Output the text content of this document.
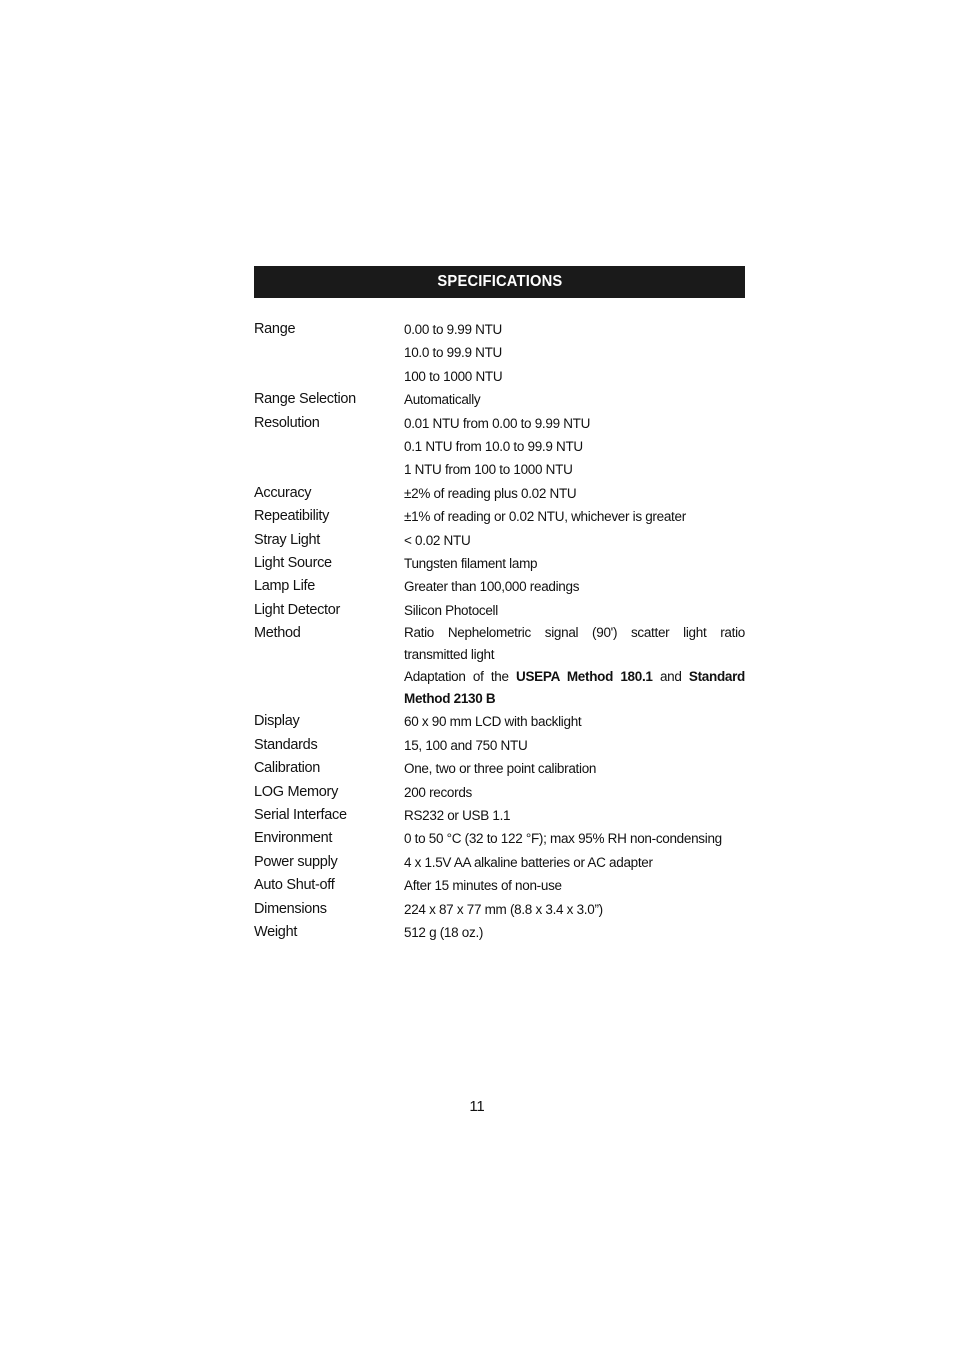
SPECIFICATIONS
Range	0.00 to 9.99 NTU
10.0 to 99.9 NTU
100 to 1000 NTU
Range Selection	Automatically
Resolution	0.01 NTU from 0.00 to 9.99 NTU
0.1 NTU from 10.0 to 99.9 NTU
1 NTU from 100 to 1000 NTU
Accuracy	±2% of reading plus 0.02 NTU
Repeatibility	±1% of reading or 0.02 NTU, whichever is greater
Stray Light	< 0.02 NTU
Light Source	Tungsten filament lamp
Lamp Life	Greater than 100,000 readings
Light Detector	Silicon Photocell
Method	Ratio Nephelometric signal (90') scatter light ratio transmitted light
Adaptation of the USEPA Method 180.1 and Standard Method 2130 B
Display	60 x 90 mm LCD with backlight
Standards	15, 100 and 750 NTU
Calibration	One, two or three point calibration
LOG Memory	200 records
Serial Interface	RS232 or USB 1.1
Environment	0 to 50 °C (32 to 122 °F); max 95% RH non-condensing
Power supply	4 x 1.5V AA alkaline batteries or AC adapter
Auto Shut-off	After 15 minutes of non-use
Dimensions	224 x 87 x 77 mm (8.8 x 3.4 x 3.0”)
Weight	512 g (18 oz.)
11
